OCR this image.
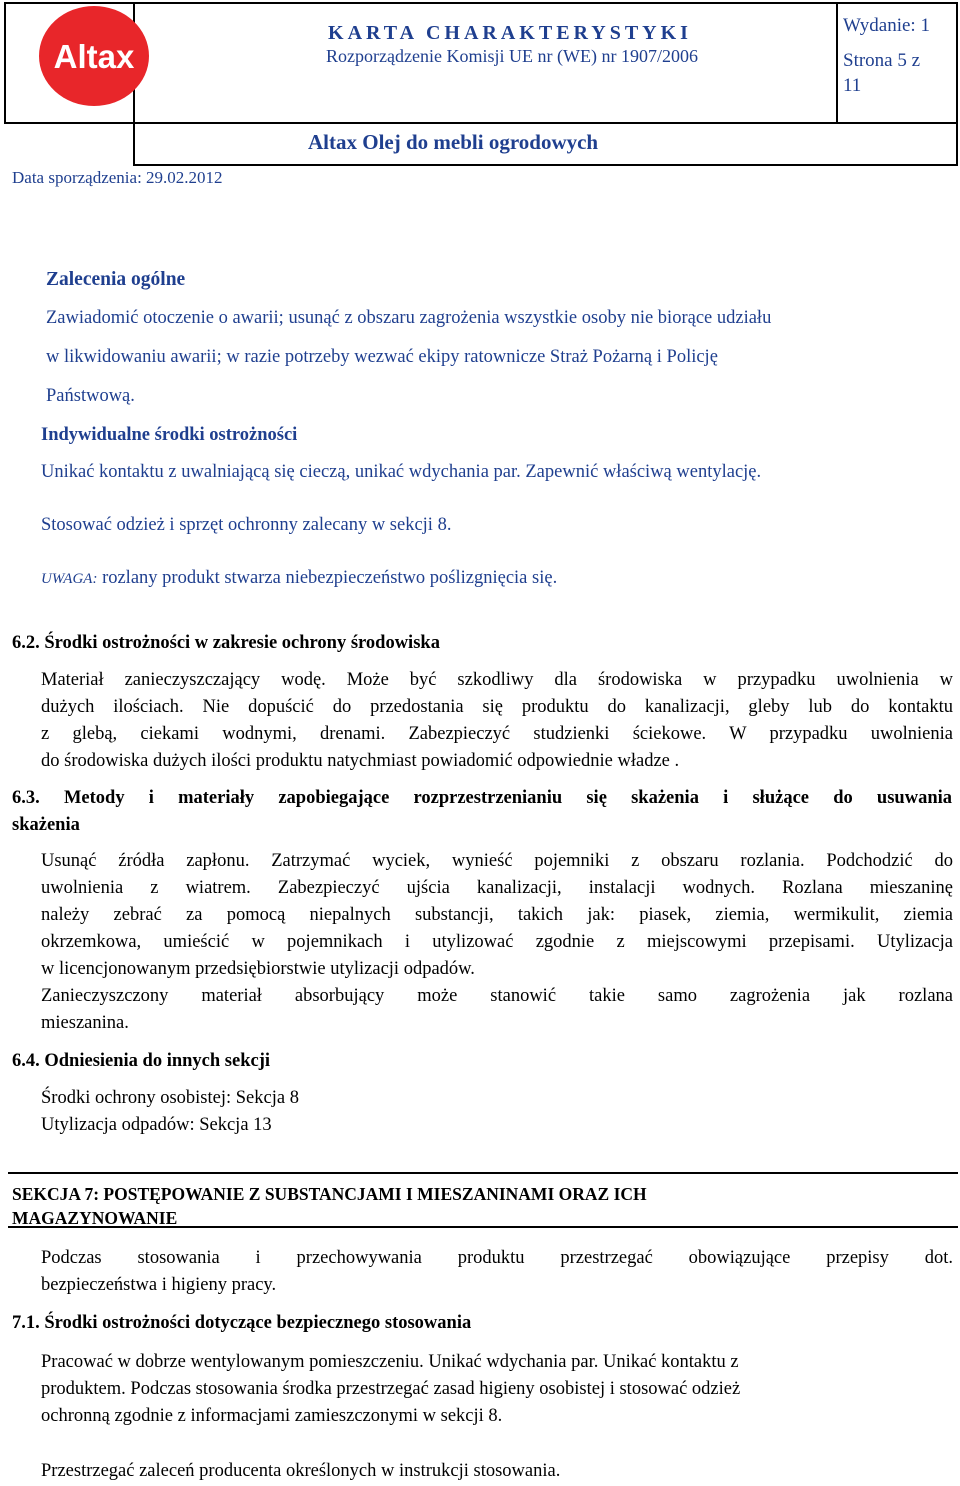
Altax
KARTA CHARAKTERYSTYKI
Rozporządzenie Komisji UE nr (WE) nr 1907/2006
Wydanie: 1
Strona 5 z
11
Altax Olej do mebli ogrodowych
Data sporządzenia: 29.02.2012
Zalecenia ogólne
Zawiadomić otoczenie o awarii; usunąć z obszaru zagrożenia wszystkie osoby nie biorące udziału
w likwidowaniu awarii; w razie potrzeby wezwać ekipy ratownicze Straż Pożarną i Policję
Państwową.
Indywidualne środki ostrożności
Unikać kontaktu z uwalniającą się cieczą, unikać wdychania par. Zapewnić właściwą wentylację.
Stosować odzież i sprzęt ochronny zalecany w sekcji 8.
UWAGA: rozlany produkt stwarza niebezpieczeństwo poślizgnięcia się.
6.2. Środki ostrożności w zakresie ochrony środowiska
Materiał zanieczyszczający wodę. Może być szkodliwy dla środowiska w przypadku uwolnienia w
dużych ilościach. Nie dopuścić do przedostania się produktu do kanalizacji, gleby lub do kontaktu
z glebą, ciekami wodnymi, drenami. Zabezpieczyć studzienki ściekowe. W przypadku uwolnienia
do środowiska dużych ilości produktu natychmiast powiadomić odpowiednie władze .
6.3. Metody i materiały zapobiegające rozprzestrzenianiu się skażenia i służące do usuwania
skażenia
Usunąć źródła zapłonu. Zatrzymać wyciek, wynieść pojemniki z obszaru rozlania. Podchodzić do
uwolnienia z wiatrem. Zabezpieczyć ujścia kanalizacji, instalacji wodnych. Rozlana mieszaninę
należy zebrać za pomocą niepalnych substancji, takich jak: piasek, ziemia, wermikulit, ziemia
okrzemkowa, umieścić w pojemnikach i utylizować zgodnie z miejscowymi przepisami. Utylizacja
w licencjonowanym przedsiębiorstwie utylizacji odpadów.
Zanieczyszczony materiał absorbujący może stanowić takie samo zagrożenia jak rozlana
mieszanina.
6.4. Odniesienia do innych sekcji
Środki ochrony osobistej: Sekcja 8
Utylizacja odpadów: Sekcja 13
SEKCJA 7: POSTĘPOWANIE Z SUBSTANCJAMI I MIESZANINAMI ORAZ ICH
MAGAZYNOWANIE
Podczas stosowania i przechowywania produktu przestrzegać obowiązujące przepisy dot.
bezpieczeństwa i higieny pracy.
7.1. Środki ostrożności dotyczące bezpiecznego stosowania
Pracować w dobrze wentylowanym pomieszczeniu. Unikać wdychania par. Unikać kontaktu z
produktem. Podczas stosowania środka przestrzegać zasad higieny osobistej i stosować odzież
ochronną zgodnie z informacjami zamieszczonymi w sekcji 8.
Przestrzegać zaleceń producenta określonych w instrukcji stosowania.
